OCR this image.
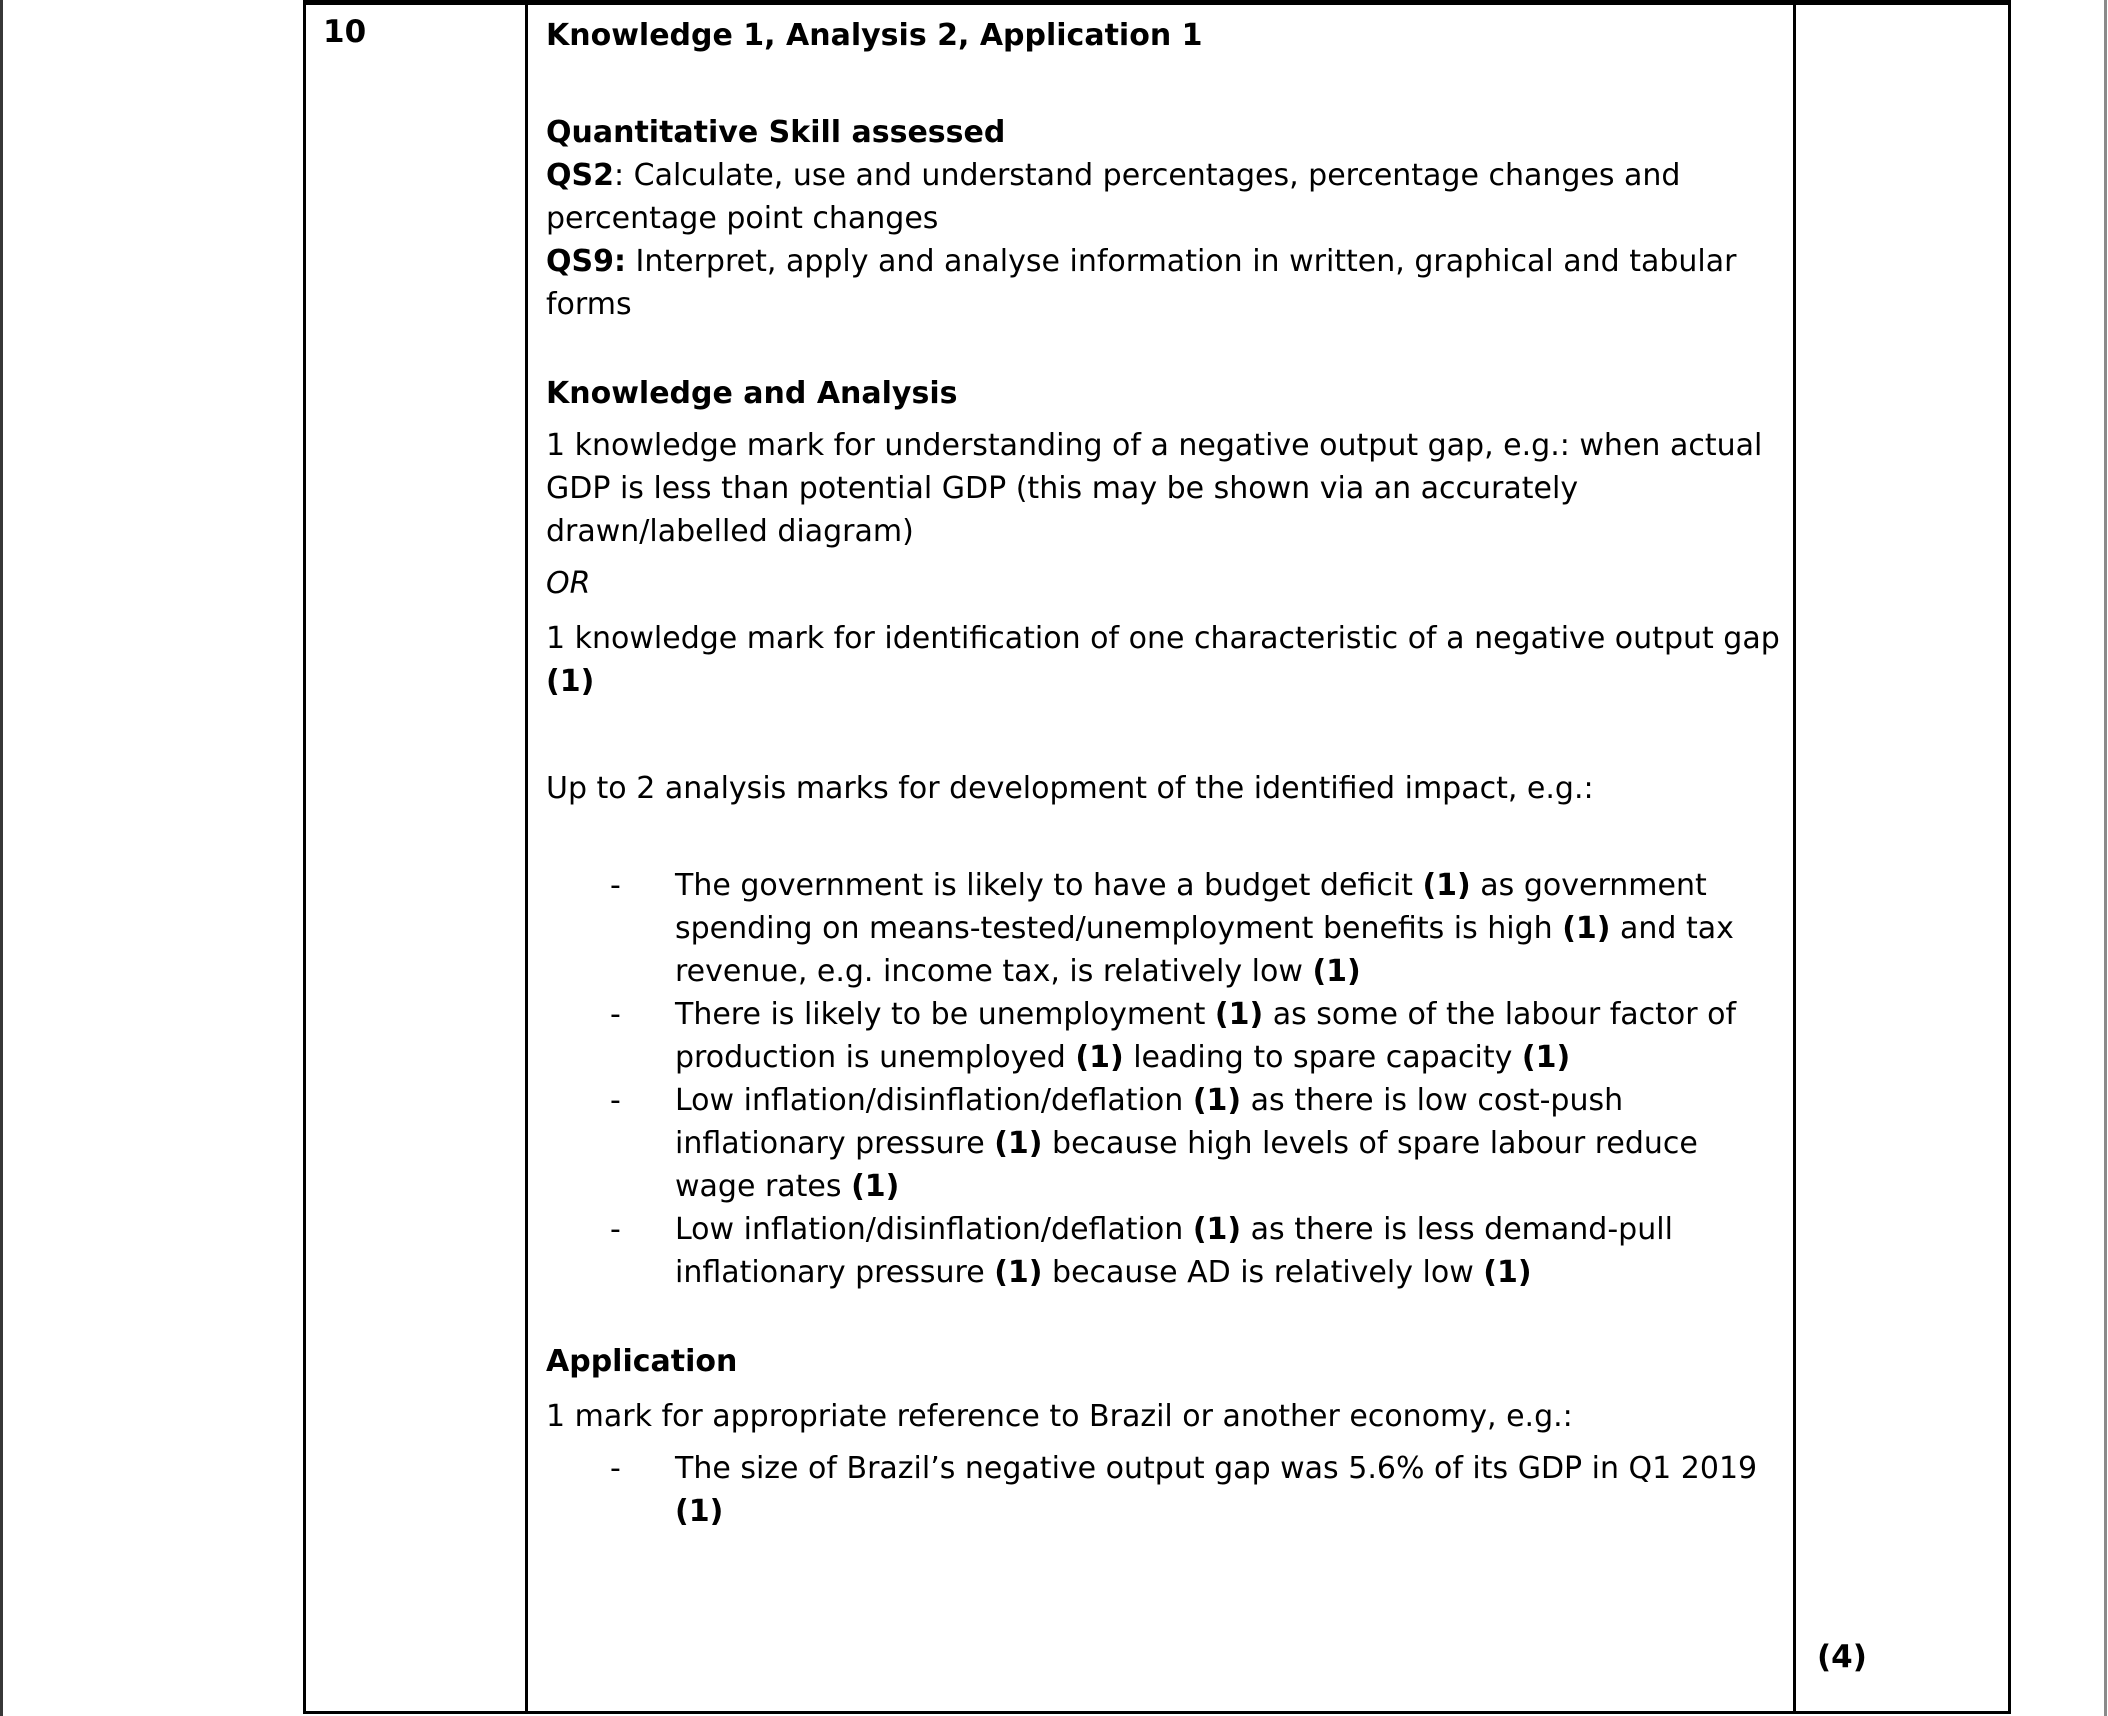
10	Knowledge 1, Analysis 2, Application 1

Quantitative Skill assessed

QS2: Calculate, use and understand percentages, percentage changes and percentage point changes

QS9: Interpret, apply and analyse information in written, graphical and tabular forms

Knowledge and Analysis

1 knowledge mark for understanding of a negative output gap, e.g.: when actual GDP is less than potential GDP (this may be shown via an accurately drawn/labelled diagram)

OR

1 knowledge mark for identification of one characteristic of a negative output gap (1)

Up to 2 analysis marks for development of the identified impact, e.g.:

- The government is likely to have a budget deficit (1) as government spending on means-tested/unemployment benefits is high (1) and tax revenue, e.g. income tax, is relatively low (1)
- There is likely to be unemployment (1) as some of the labour factor of production is unemployed (1) leading to spare capacity (1)
- Low inflation/disinflation/deflation (1) as there is low cost-push inflationary pressure (1) because high levels of spare labour reduce wage rates (1)
- Low inflation/disinflation/deflation (1) as there is less demand-pull inflationary pressure (1) because AD is relatively low (1)

Application

1 mark for appropriate reference to Brazil or another economy, e.g.:

- The size of Brazil’s negative output gap was 5.6% of its GDP in Q1 2019 (1)
(4)
